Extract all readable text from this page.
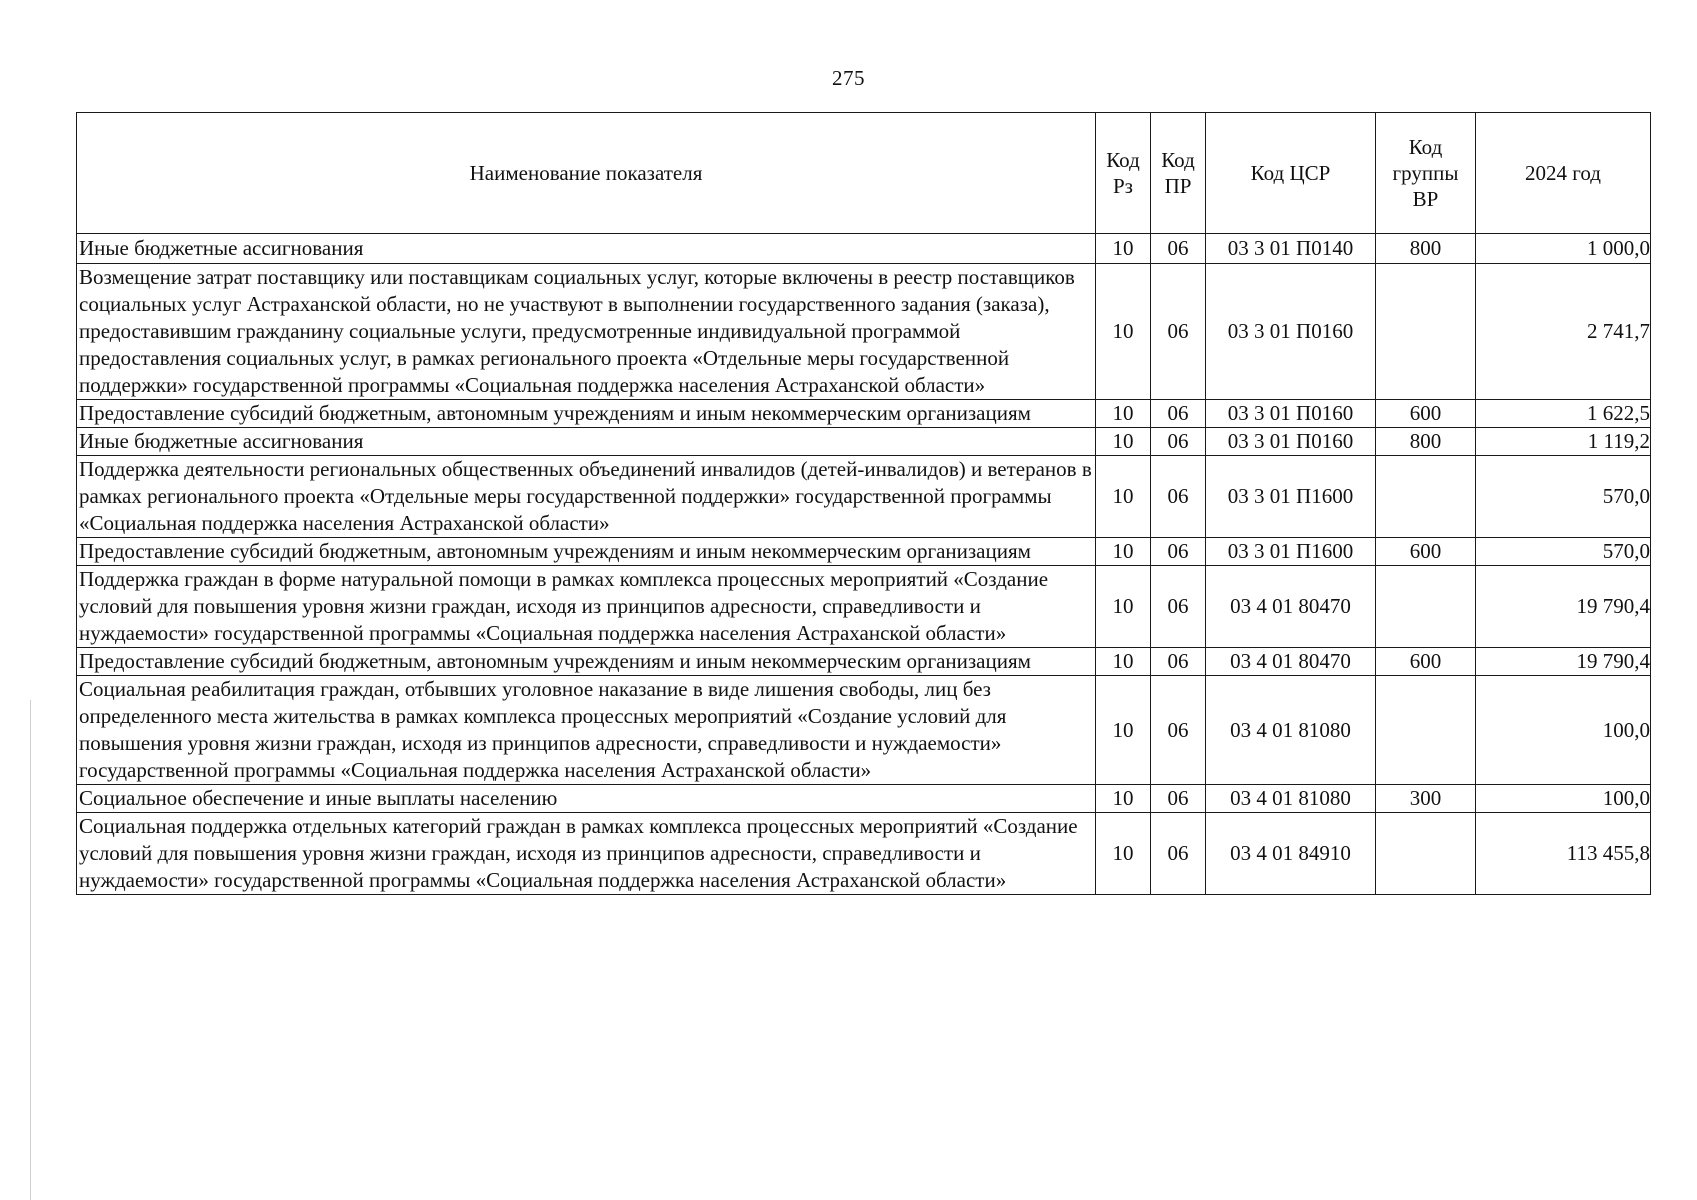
275
Наименование показателя	Код Рз	Код ПР	Код ЦСР	Код группы ВР	2024 год
Иные бюджетные ассигнования	10	06	03 3 01 П0140	800	1 000,0
Возмещение затрат поставщику или поставщикам социальных услуг, которые включены в реестр поставщиков социальных услуг Астраханской области, но не участвуют в выполнении государственного задания (заказа), предоставившим гражданину социальные услуги, предусмотренные индивидуальной программой предоставления социальных услуг, в рамках регионального проекта «Отдельные меры государственной поддержки» государственной программы «Социальная поддержка населения Астраханской области»	10	06	03 3 01 П0160		2 741,7
Предоставление субсидий бюджетным, автономным учреждениям и иным некоммерческим организациям	10	06	03 3 01 П0160	600	1 622,5
Иные бюджетные ассигнования	10	06	03 3 01 П0160	800	1 119,2
Поддержка деятельности региональных общественных объединений инвалидов (детей-инвалидов) и ветеранов в рамках регионального проекта «Отдельные меры государственной поддержки» государственной программы «Социальная поддержка населения Астраханской области»	10	06	03 3 01 П1600		570,0
Предоставление субсидий бюджетным, автономным учреждениям и иным некоммерческим организациям	10	06	03 3 01 П1600	600	570,0
Поддержка граждан в форме натуральной помощи в рамках комплекса процессных мероприятий «Создание условий для повышения уровня жизни граждан, исходя из принципов адресности, справедливости и нуждаемости» государственной программы «Социальная поддержка населения Астраханской области»	10	06	03 4 01 80470		19 790,4
Предоставление субсидий бюджетным, автономным учреждениям и иным некоммерческим организациям	10	06	03 4 01 80470	600	19 790,4
Социальная реабилитация граждан, отбывших уголовное наказание в виде лишения свободы, лиц без определенного места жительства в рамках комплекса процессных мероприятий «Создание условий для повышения уровня жизни граждан, исходя из принципов адресности, справедливости и нуждаемости» государственной программы «Социальная поддержка населения Астраханской области»	10	06	03 4 01 81080		100,0
Социальное обеспечение и иные выплаты населению	10	06	03 4 01 81080	300	100,0
Социальная поддержка отдельных категорий граждан в рамках комплекса процессных мероприятий «Создание условий для повышения уровня жизни граждан, исходя из принципов адресности, справедливости и нуждаемости» государственной программы «Социальная поддержка населения Астраханской области»	10	06	03 4 01 84910		113 455,8
